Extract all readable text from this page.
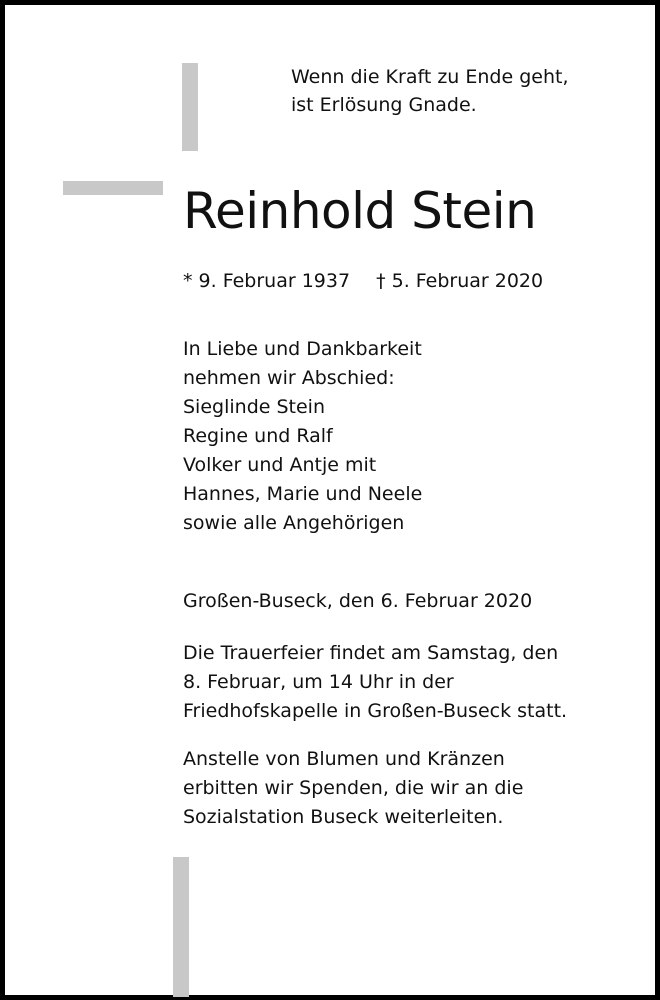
Wenn die Kraft zu Ende geht,
ist Erlösung Gnade.
Reinhold Stein
* 9. Februar 1937 † 5. Februar 2020
In Liebe und Dankbarkeit
nehmen wir Abschied:
Sieglinde Stein
Regine und Ralf
Volker und Antje mit
Hannes, Marie und Neele
sowie alle Angehörigen
Großen-Buseck, den 6. Februar 2020
Die Trauerfeier findet am Samstag, den
8. Februar, um 14 Uhr in der
Friedhofskapelle in Großen-Buseck statt.
Anstelle von Blumen und Kränzen
erbitten wir Spenden, die wir an die
Sozialstation Buseck weiterleiten.
